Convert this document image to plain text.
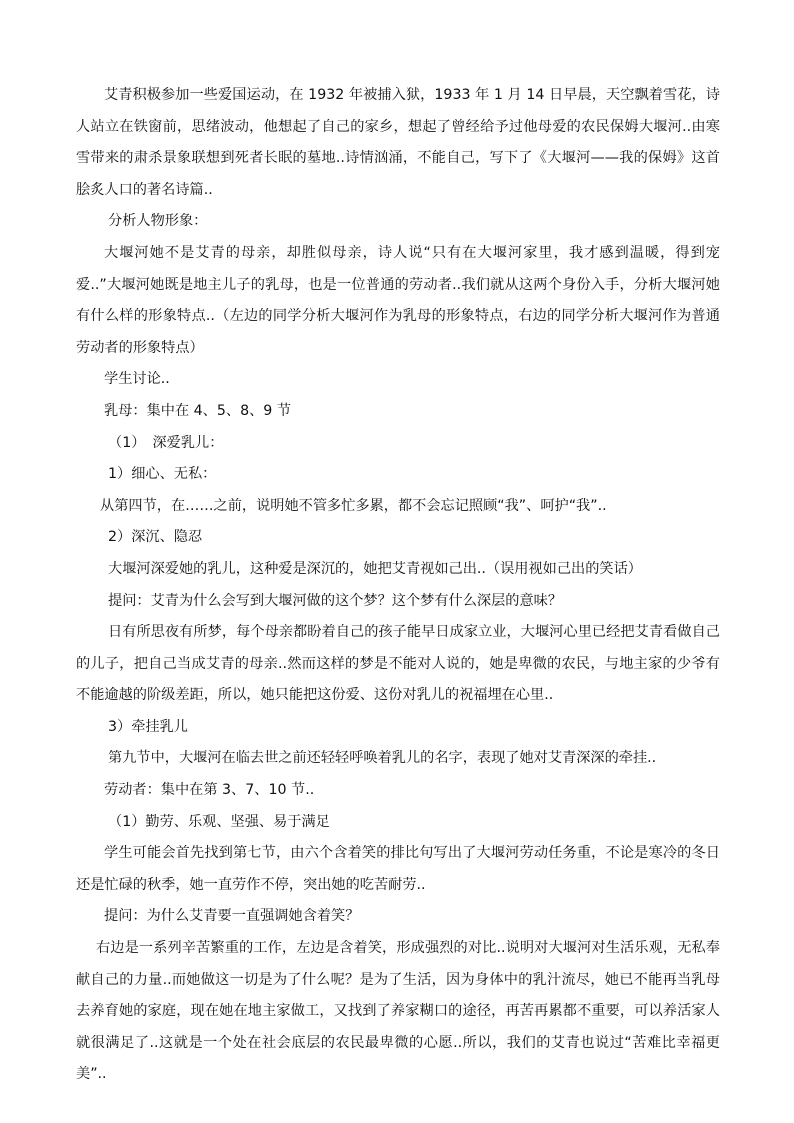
艾青积极参加一些爱国运动，在 1932 年被捕入狱，1933 年 1 月 14 日早晨，天空飘着雪花，诗人站立在铁窗前，思绪波动，他想起了自己的家乡，想起了曾经给予过他母爱的农民保姆大堰河..由寒雪带来的肃杀景象联想到死者长眠的墓地..诗情汹涌，不能自己，写下了《大堰河——我的保姆》这首脍炙人口的著名诗篇..

分析人物形象：

大堰河她不是艾青的母亲，却胜似母亲，诗人说“只有在大堰河家里，我才感到温暖，得到宠爱..”大堰河她既是地主儿子的乳母，也是一位普通的劳动者..我们就从这两个身份入手，分析大堰河她有什么样的形象特点..（左边的同学分析大堰河作为乳母的形象特点，右边的同学分析大堰河作为普通劳动者的形象特点）

学生讨论..

乳母：集中在 4、5、8、9 节

（1）　深爱乳儿：

1）细心、无私：

从第四节，在……之前，说明她不管多忙多累，都不会忘记照顾“我”、呵护“我”..

2）深沉、隐忍

大堰河深爱她的乳儿，这种爱是深沉的，她把艾青视如己出..（误用视如己出的笑话）

提问：艾青为什么会写到大堰河做的这个梦？这个梦有什么深层的意味？

日有所思夜有所梦，每个母亲都盼着自己的孩子能早日成家立业，大堰河心里已经把艾青看做自己的儿子，把自己当成艾青的母亲..然而这样的梦是不能对人说的，她是卑微的农民，与地主家的少爷有不能逾越的阶级差距，所以，她只能把这份爱、这份对乳儿的祝福埋在心里..

3）牵挂乳儿

第九节中，大堰河在临去世之前还轻轻呼唤着乳儿的名字，表现了她对艾青深深的牵挂..

劳动者：集中在第 3、7、10 节..

（1）勤劳、乐观、坚强、易于满足

学生可能会首先找到第七节，由六个含着笑的排比句写出了大堰河劳动任务重，不论是寒冷的冬日还是忙碌的秋季，她一直劳作不停，突出她的吃苦耐劳..

提问：为什么艾青要一直强调她含着笑？

右边是一系列辛苦繁重的工作，左边是含着笑，形成强烈的对比..说明对大堰河对生活乐观，无私奉献自己的力量..而她做这一切是为了什么呢？是为了生活，因为身体中的乳汁流尽，她已不能再当乳母去养育她的家庭，现在她在地主家做工，又找到了养家糊口的途径，再苦再累都不重要，可以养活家人就很满足了..这就是一个处在社会底层的农民最卑微的心愿..所以，我们的艾青也说过“苦难比幸福更美”..
